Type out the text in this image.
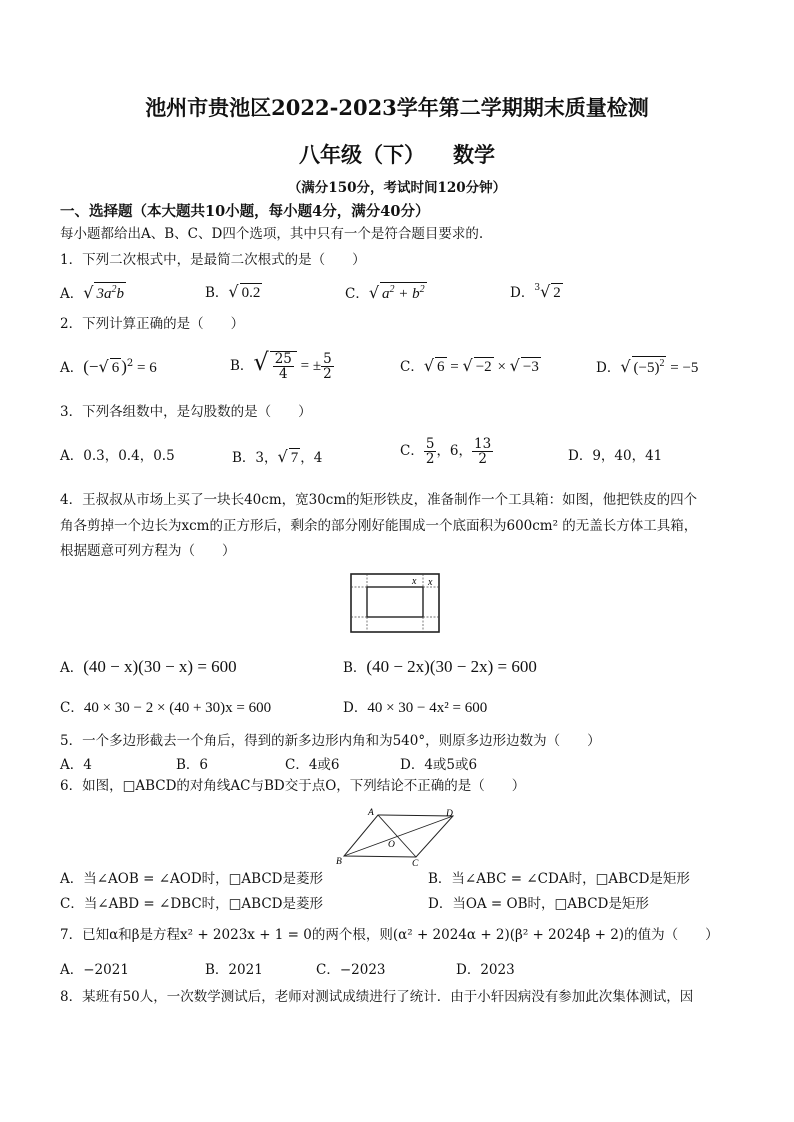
池州市贵池区2022-2023学年第二学期期末质量检测
八年级（下） 数学
（满分150分，考试时间120分钟）
一、选择题（本大题共10小题，每小题4分，满分40分）
每小题都给出A、B、C、D四个选项，其中只有一个是符合题目要求的.
1．下列二次根式中，是最简二次根式的是（　　）
A．√ $3a^2b$	B．√ 0.2	C．√ $a^2 + b^2$	D．$^3$√ 2
2．下列计算正确的是（　　）
A．(−√ 6 )$^2$ = 6	B．√ $\frac{25}{4}$ = ± $\frac{5}{2}$	C．√ 6 = √ −2 × √ −3	D．√ $(-5)^2 = -5$
3．下列各组数中，是勾股数的是（　　）
A．0.3，0.4，0.5	B．3，√ 7 ，4	C． $\frac{5}{2}$ ，6， $\frac{13}{2}$	D．9，40，41
4．王叔叔从市场上买了一块长40cm，宽30cm的矩形铁皮，准备制作一个工具箱：如图，他把铁皮的四个
角各剪掉一个边长为xcm的正方形后，剩余的部分刚好能围成一个底面积为600cm² 的无盖长方体工具箱，
根据题意可列方程为（　　）
x x
A．(40 − x)(30 − x) = 600	B．(40 − 2x)(30 − 2x) = 600
C．40 × 30 − 2 × (40 + 30)x = 600	D．40 × 30 − 4x² = 600
5．一个多边形截去一个角后，得到的新多边形内角和为540°，则原多边形边数为（　　）
A．4	B．6	C．4或6	D．4或5或6
6．如图，□ABCD的对角线AC与BD交于点O，下列结论不正确的是（　　）
A	D
B	C
O
A．当∠AOB = ∠AOD时，□ABCD是菱形	B．当∠ABC = ∠CDA时，□ABCD是矩形
C．当∠ABD = ∠DBC时，□ABCD是菱形	D．当OA = OB时，□ABCD是矩形
7．已知α和β是方程x² + 2023x + 1 = 0的两个根，则(α² + 2024α + 2)(β² + 2024β + 2)的值为（　　）
A．−2021	B．2021	C．−2023	D．2023
8．某班有50人，一次数学测试后，老师对测试成绩进行了统计．由于小轩因病没有参加此次集体测试，因
